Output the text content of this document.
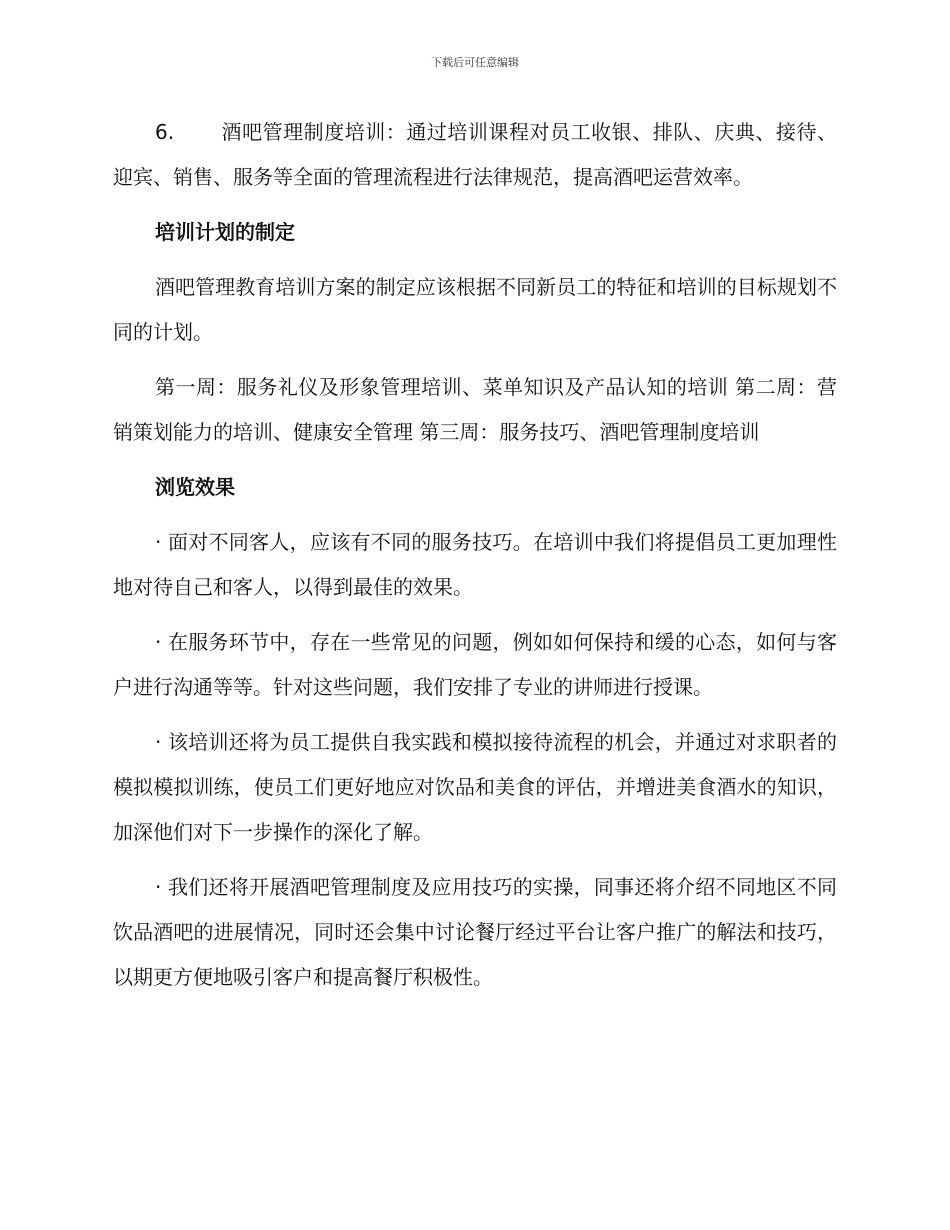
下载后可任意编辑

6. 酒吧管理制度培训：通过培训课程对员工收银、排队、庆典、接待、迎宾、销售、服务等全面的管理流程进行法律规范，提高酒吧运营效率。

培训计划的制定

酒吧管理教育培训方案的制定应该根据不同新员工的特征和培训的目标规划不同的计划。

第一周：服务礼仪及形象管理培训、菜单知识及产品认知的培训 第二周：营销策划能力的培训、健康安全管理 第三周：服务技巧、酒吧管理制度培训

浏览效果

· 面对不同客人，应该有不同的服务技巧。在培训中我们将提倡员工更加理性地对待自己和客人，以得到最佳的效果。

· 在服务环节中，存在一些常见的问题，例如如何保持和缓的心态，如何与客户进行沟通等等。针对这些问题，我们安排了专业的讲师进行授课。

· 该培训还将为员工提供自我实践和模拟接待流程的机会，并通过对求职者的模拟模拟训练，使员工们更好地应对饮品和美食的评估，并增进美食酒水的知识，加深他们对下一步操作的深化了解。

· 我们还将开展酒吧管理制度及应用技巧的实操，同事还将介绍不同地区不同饮品酒吧的进展情况，同时还会集中讨论餐厅经过平台让客户推广的解法和技巧，以期更方便地吸引客户和提高餐厅积极性。
